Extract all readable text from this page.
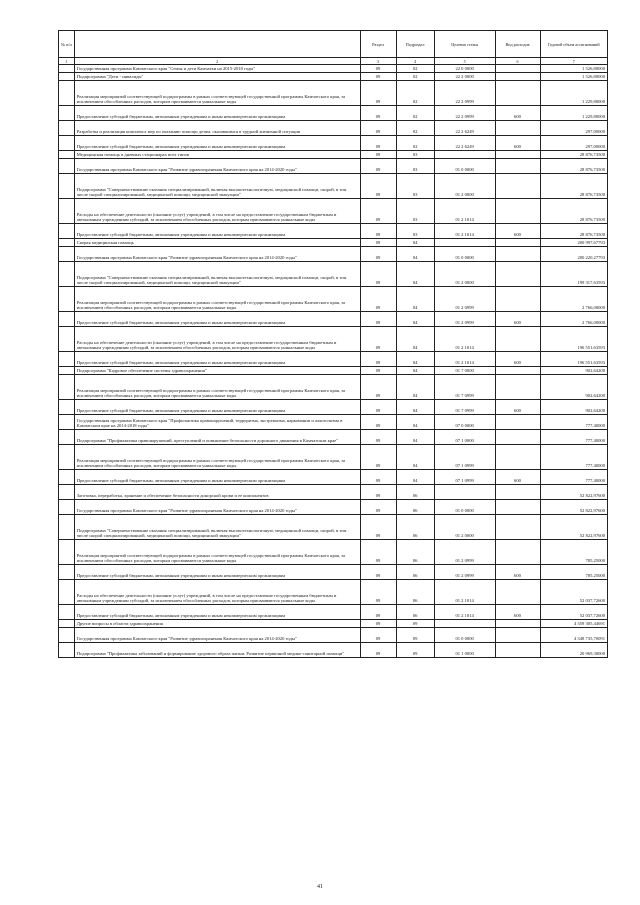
№ п/п		Раздел	Подраздел	Целевая статья	Вид расходов	Годовой объем ассигнований
1	2	3	4	5	6	7
	Государственная программа Камчатского края "Семья и дети Камчатки на 2015-2018 годы"	09	02	22 0 0000		1 526,80000
	Подпрограмма "Дети - инвалиды"	09	02	22 2 0000		1 526,80000
	Реализация мероприятий соответствующей подпрограммы в рамках соответствующей государственной программы Камчатского края, за исключением обособленных расходов, которым присваиваются уникальные коды	09	02	22 2 0999		1 229,80000
	Предоставление субсидий бюджетным, автономным учреждениям и иным некоммерческим организациям	09	02	22 2 0999	600	1 229,80000
	Разработка и реализация комплекса мер по оказанию помощи детям, оказавшимся в трудной жизненной ситуации	09	02	22 2 6249		297,00000
	Предоставление субсидий бюджетным, автономным учреждениям и иным некоммерческим организациям	09	02	22 2 6249	600	297,00000
	Медицинская помощь в дневных стационарах всех типов	09	03			28 876,73500
	Государственная программа Камчатского края "Развитие здравоохранения Камчатского края на 2014-2020 годы"	09	03	01 0 0000		28 876,73500
	Подпрограмма "Совершенствование оказания специализированной, включая высокотехнологичную, медицинской помощи, скорой, в том числе скорой специализированной, медицинской помощи, медицинской эвакуации"	09	03	01 2 0000		28 876,73500
	Расходы на обеспечение деятельности (оказание услуг) учреждений, в том числе на предоставление государственным бюджетным и автономным учреждениям субсидий, за исключением обособленных расходов, которым присваиваются уникальные коды	09	03	01 2 1014		28 876,73500
	Предоставление субсидий бюджетным, автономным учреждениям и иным некоммерческим организациям	09	03	01 2 1014	600	28 876,73500
	Скорая медицинская помощь	09	04			200 997,67793
	Государственная программа Камчатского края "Развитие здравоохранения Камчатского края на 2014-2020 годы"	09	04	01 0 0000		200 220,27793
	Подпрограмма "Совершенствование оказания специализированной, включая высокотехнологичную, медицинской помощи, скорой, в том числе скорой специализированной, медицинской помощи, медицинской эвакуации"	09	04	01 2 0000		199 317,63593
	Реализация мероприятий соответствующей подпрограммы в рамках соответствующей государственной программы Камчатского края, за исключением обособленных расходов, которым присваиваются уникальные коды	09	04	01 2 0999		2 766,00000
	Предоставление субсидий бюджетным, автономным учреждениям и иным некоммерческим организациям	09	04	01 2 0999	600	2 766,00000
	Расходы на обеспечение деятельности (оказание услуг) учреждений, в том числе на предоставление государственным бюджетным и автономным учреждениям субсидий, за исключением обособленных расходов, которым присваиваются уникальные коды	09	04	01 2 1014		196 551,63593
	Предоставление субсидий бюджетным, автономным учреждениям и иным некоммерческим организациям	09	04	01 2 1014	600	196 551,63593
	Подпрограмма "Кадровое обеспечение системы здравоохранения"	09	04	01 7 0000		902,64200
	Реализация мероприятий соответствующей подпрограммы в рамках соответствующей государственной программы Камчатского края, за исключением обособленных расходов, которым присваиваются уникальные коды	09	04	01 7 0999		902,64200
	Предоставление субсидий бюджетным, автономным учреждениям и иным некоммерческим организациям	09	04	01 7 0999	600	902,64200
	Государственная программа Камчатского края "Профилактика правонарушений, терроризма, экстремизма, наркомании и алкоголизма в Камчатском крае на 2014-2018 годы"	09	04	07 0 0000		777,40000
	Подпрограмма "Профилактика правонарушений, преступлений и повышение безопасности дорожного движения в Камчатском крае"	09	04	07 1 0000		777,40000
	Реализация мероприятий соответствующей подпрограммы в рамках соответствующей государственной программы Камчатского края, за исключением обособленных расходов, которым присваиваются уникальные коды	09	04	07 1 0999		777,40000
	Предоставление субсидий бюджетным, автономным учреждениям и иным некоммерческим организациям	09	04	07 1 0999	600	777,40000
	Заготовка, переработка, хранение и обеспечение безопасности донорской крови и ее компонентов	09	06			52 822,97600
	Государственная программа Камчатского края "Развитие здравоохранения Камчатского края на 2014-2020 годы"	09	06	01 0 0000		52 822,97600
	Подпрограмма "Совершенствование оказания специализированной, включая высокотехнологичную, медицинской помощи, скорой, в том числе скорой специализированной, медицинской помощи, медицинской эвакуации"	09	06	01 2 0000		52 822,97600
	Реализация мероприятий соответствующей подпрограммы в рамках соответствующей государственной программы Камчатского края, за исключением обособленных расходов, которым присваиваются уникальные коды	09	06	01 2 0999		785,25000
	Предоставление субсидий бюджетным, автономным учреждениям и иным некоммерческим организациям	09	06	01 2 0999	600	785,25000
	Расходы на обеспечение деятельности (оказание услуг) учреждений, в том числе на предоставление государственным бюджетным и автономным учреждениям субсидий, за исключением обособленных расходов, которым присваиваются уникальные коды	09	06	01 2 1014		52 037,72600
	Предоставление субсидий бюджетным, автономным учреждениям и иным некоммерческим организациям	09	06	01 2 1014	600	52 037,72600
	Другие вопросы в области здравоохранения	09	09			4 359 305,44691
	Государственная программа Камчатского края "Развитие здравоохранения Камчатского края на 2014-2020 годы"	09	09	01 0 0000		4 348 735,70091
	Подпрограмма "Профилактика заболеваний и формирование здорового образа жизни. Развитие первичной медико-санитарной помощи"	09	09	01 1 0000		20 969,30000
41
